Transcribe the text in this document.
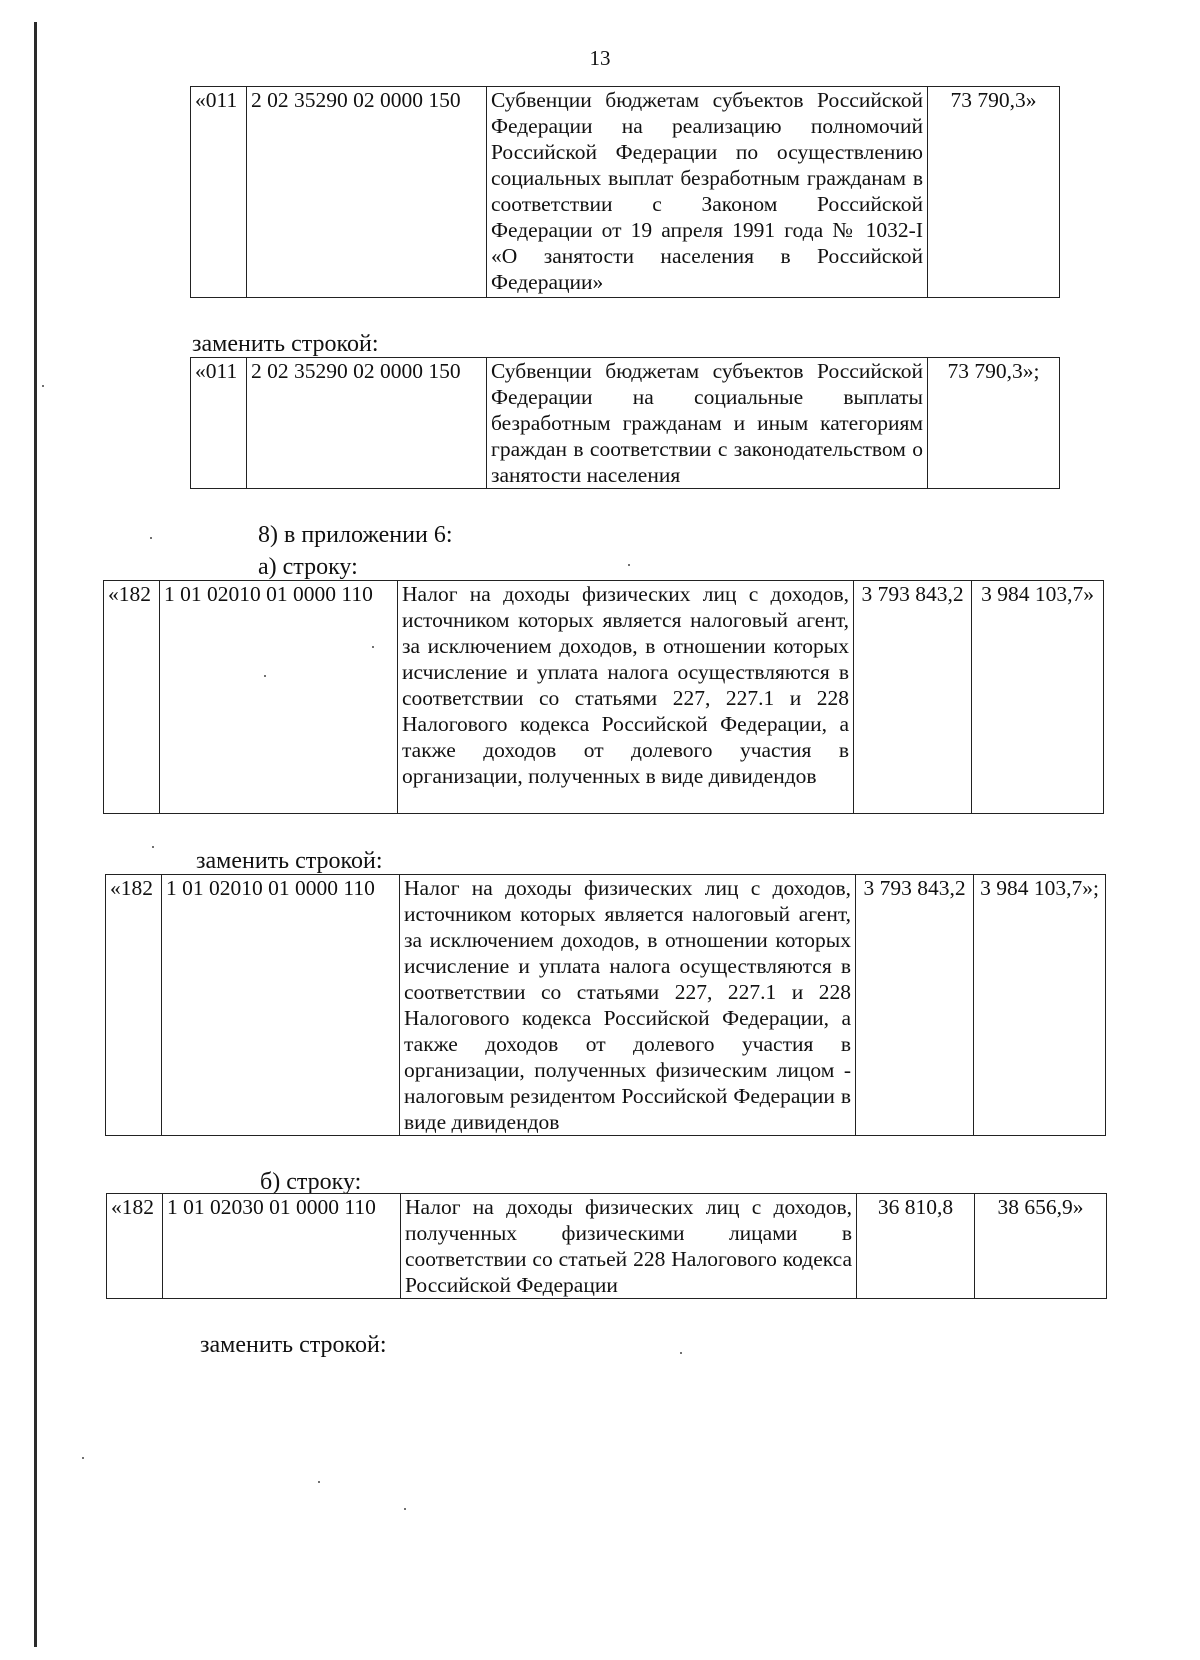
13
«011	2 02 35290 02 0000 150	Субвенции бюджетам субъектов Российской Федерации на реализацию полномочий Российской Федерации по осуществлению социальных выплат безработным гражданам в соответствии с Законом Российской Федерации от 19 апреля 1991 года № 1032-I «О занятости населения в Российской Федерации»	73 790,3»
заменить строкой:
«011	2 02 35290 02 0000 150	Субвенции бюджетам субъектов Российской Федерации на социальные выплаты безработным гражданам и иным категориям граждан в соответствии с законодательством о занятости населения	73 790,3»;
8) в приложении 6:
а) строку:
«182	1 01 02010 01 0000 110	Налог на доходы физических лиц с доходов, источником которых является налоговый агент, за исключением доходов, в отношении которых исчисление и уплата налога осуществляются в соответствии со статьями 227, 227.1 и 228 Налогового кодекса Российской Федерации, а также доходов от долевого участия в организации, полученных в виде дивидендов	3 793 843,2	3 984 103,7»
заменить строкой:
«182	1 01 02010 01 0000 110	Налог на доходы физических лиц с доходов, источником которых является налоговый агент, за исключением доходов, в отношении которых исчисление и уплата налога осуществляются в соответствии со статьями 227, 227.1 и 228 Налогового кодекса Российской Федерации, а также доходов от долевого участия в организации, полученных физическим лицом - налоговым резидентом Российской Федерации в виде дивидендов	3 793 843,2	3 984 103,7»;
б) строку:
«182	1 01 02030 01 0000 110	Налог на доходы физических лиц с доходов, полученных физическими лицами в соответствии со статьей 228 Налогового кодекса Российской Федерации	36 810,8	38 656,9»
заменить строкой:
